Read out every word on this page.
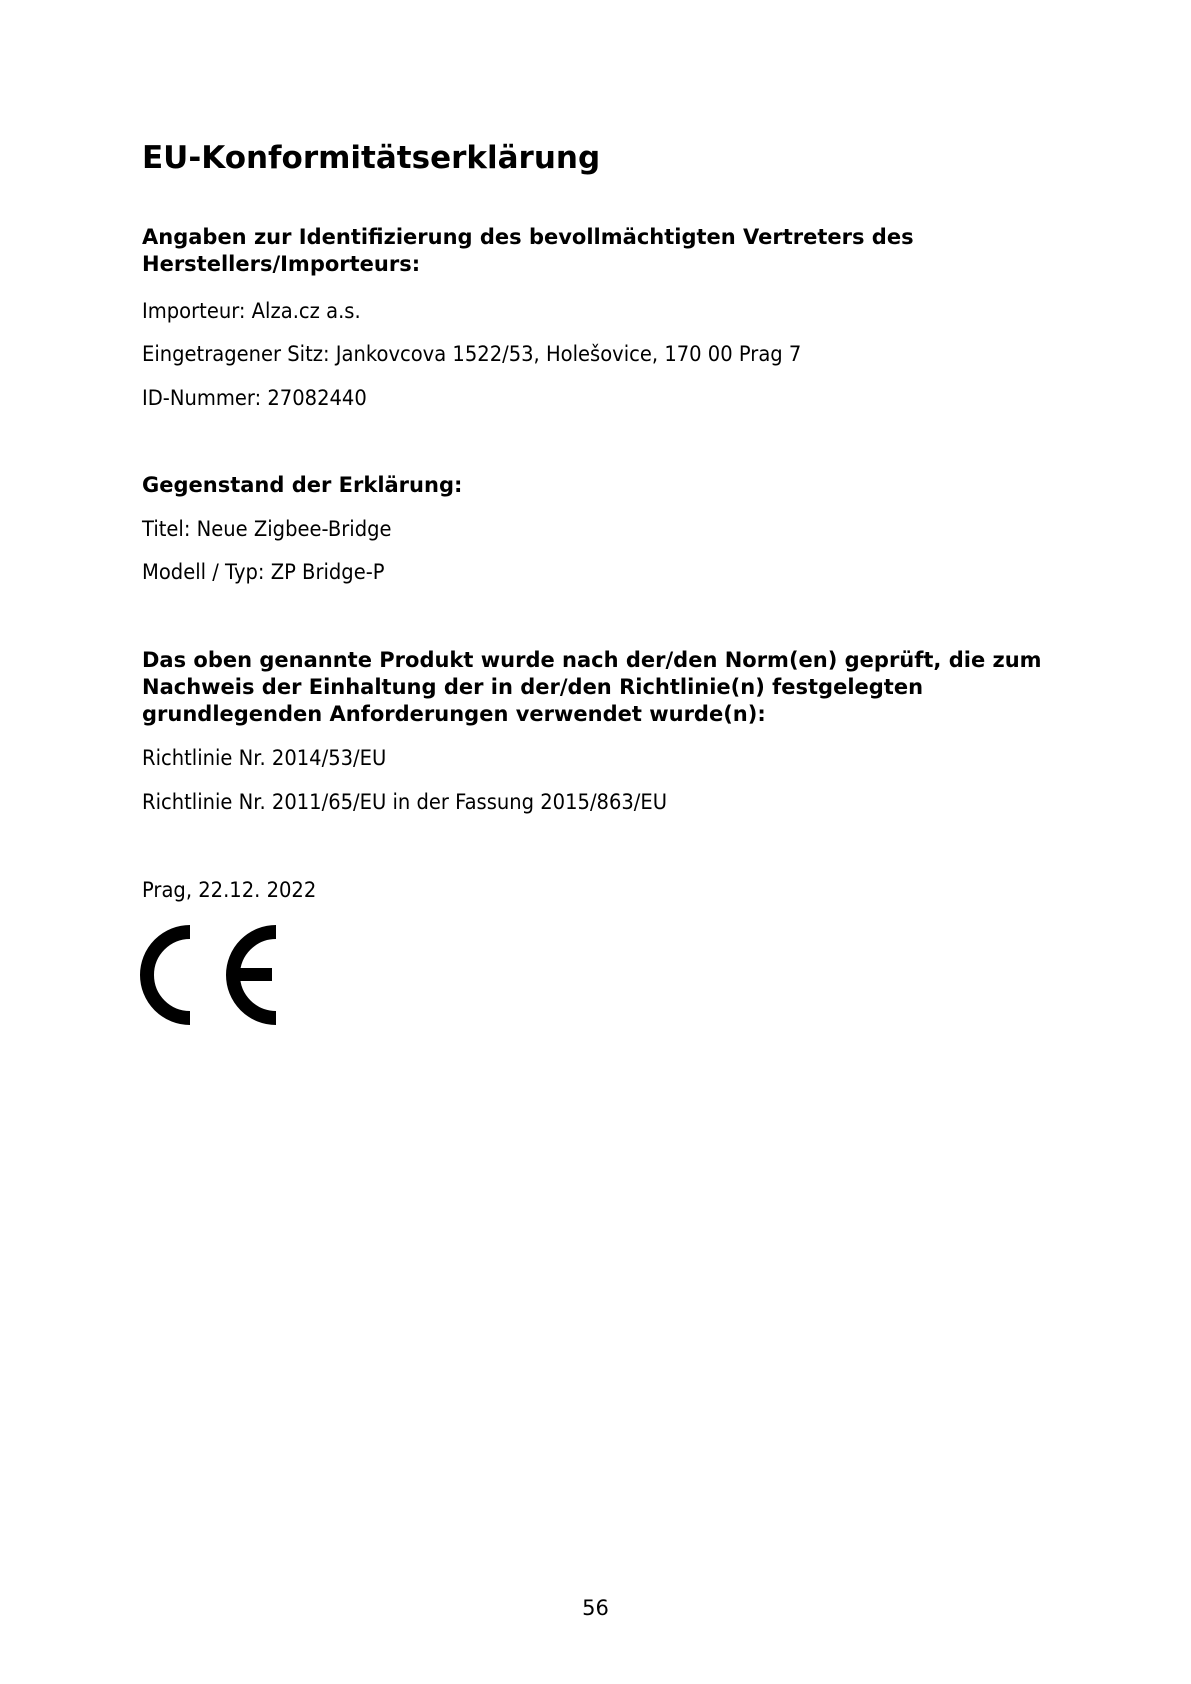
EU-Konformitätserklärung
Angaben zur Identifizierung des bevollmächtigten Vertreters des
Herstellers/Importeurs:

Importeur: Alza.cz a.s.

Eingetragener Sitz: Jankovcova 1522/53, Holešovice, 170 00 Prag 7

ID-Nummer: 27082440

Gegenstand der Erklärung:

Titel: Neue Zigbee-Bridge

Modell / Typ: ZP Bridge-P

Das oben genannte Produkt wurde nach der/den Norm(en) geprüft, die zum
Nachweis der Einhaltung der in der/den Richtlinie(n) festgelegten
grundlegenden Anforderungen verwendet wurde(n):

Richtlinie Nr. 2014/53/EU

Richtlinie Nr. 2011/65/EU in der Fassung 2015/863/EU

Prag, 22.12. 2022

56
